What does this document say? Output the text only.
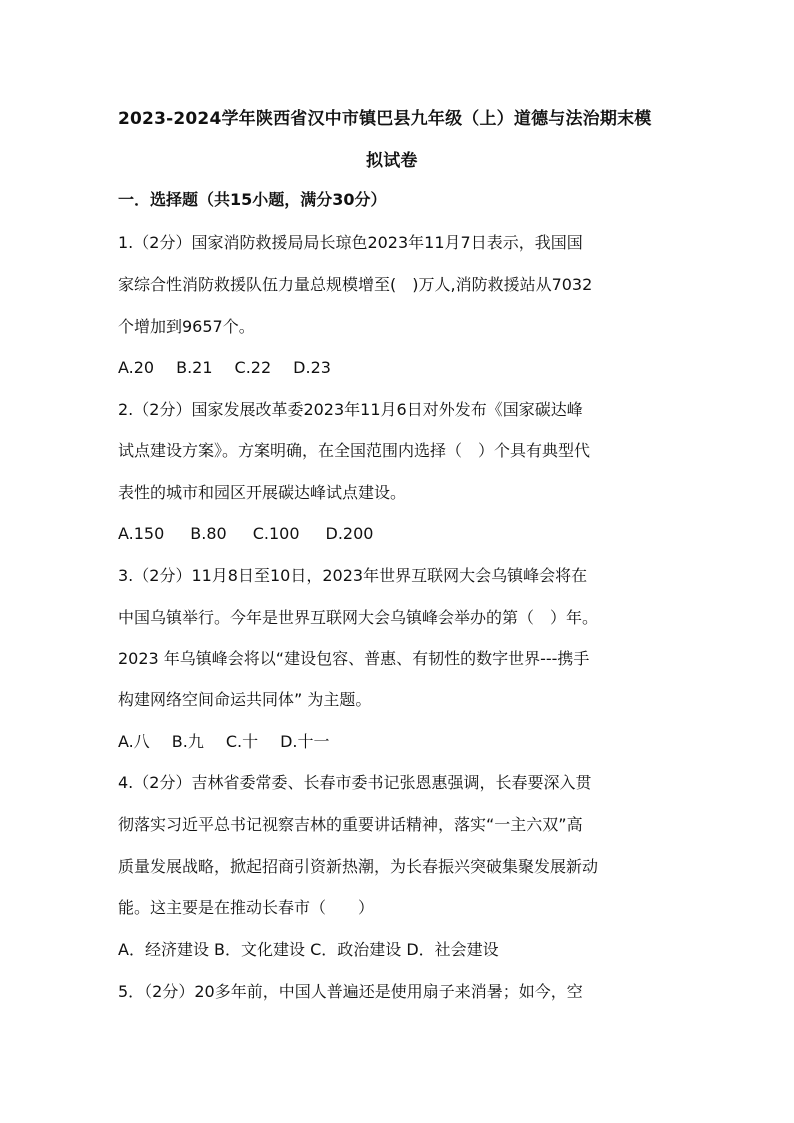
2023-2024学年陕西省汉中市镇巴县九年级（上）道德与法治期末模
拟试卷
一．选择题（共15小题，满分30分）
1.（2分）国家消防救援局局长琼色2023年11月7日表示，我国国
家综合性消防救援队伍力量总规模增至(　)万人,消防救援站从7032
个增加到9657个。
A.20 B.21 C.22 D.23
2.（2分）国家发展改革委2023年11月6日对外发布《国家碳达峰
试点建设方案》。方案明确，在全国范围内选择（　）个具有典型代
表性的城市和园区开展碳达峰试点建设。
A.150 B.80 C.100 D.200
3.（2分）11月8日至10日，2023年世界互联网大会乌镇峰会将在
中国乌镇举行。今年是世界互联网大会乌镇峰会举办的第（　）年。
2023 年乌镇峰会将以“建设包容、普惠、有韧性的数字世界---携手
构建网络空间命运共同体” 为主题。
A.八 B.九 C.十 D.十一
4.（2分）吉林省委常委、长春市委书记张恩惠强调，长春要深入贯
彻落实习近平总书记视察吉林的重要讲话精神，落实“一主六双”高
质量发展战略，掀起招商引资新热潮，为长春振兴突破集聚发展新动
能。这主要是在推动长春市（　　）
A．经济建设 B．文化建设 C．政治建设 D．社会建设
5．（2分）20多年前，中国人普遍还是使用扇子来消暑；如今，空
